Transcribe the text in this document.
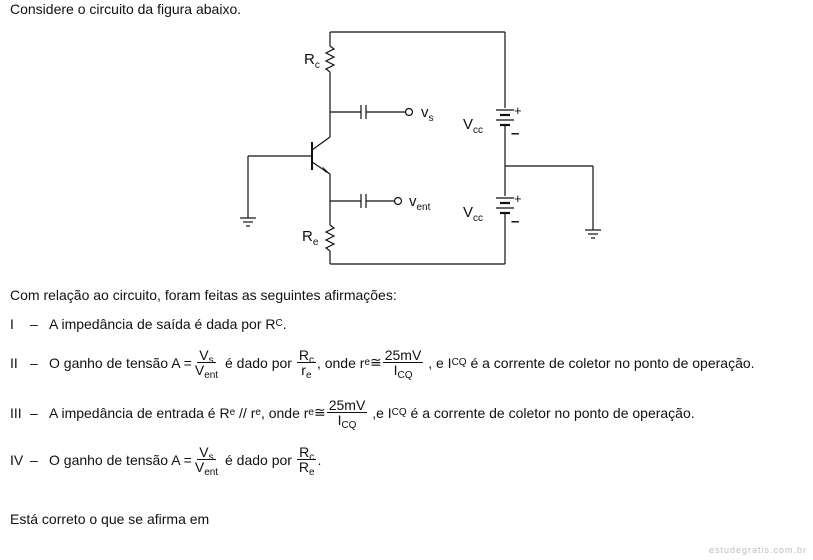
Considere o circuito da figura abaixo.
$R_c$
$R_e$
$v_s$
$v_{ent}$
$V_{cc}$
$V_{cc}$
+
–
+
–
Com relação ao circuito, foram feitas as seguintes afirmações:
I	– A impedância de saída é dada por R C .
II – O ganho de tensão $A = \frac{V_s}{V_{ent}}$
é dado por
$\frac{R_c}{r_e}$ , onde r e ≅ $\frac{25mV}{I_{CQ}}$
, e I CQ
é a corrente de coletor no ponto de operação.
III – A impedância de entrada é R e
// r e , onde r e ≅ $\frac{25mV}{I_{CQ}}$
,e I CQ
é a corrente de coletor no ponto de operação.
IV – O ganho de tensão $A = \frac{V_s}{V_{ent}}$
é dado por
$\frac{R_c}{R_e}$ .
Está correto o que se afirma em
estudegratis.com.br
